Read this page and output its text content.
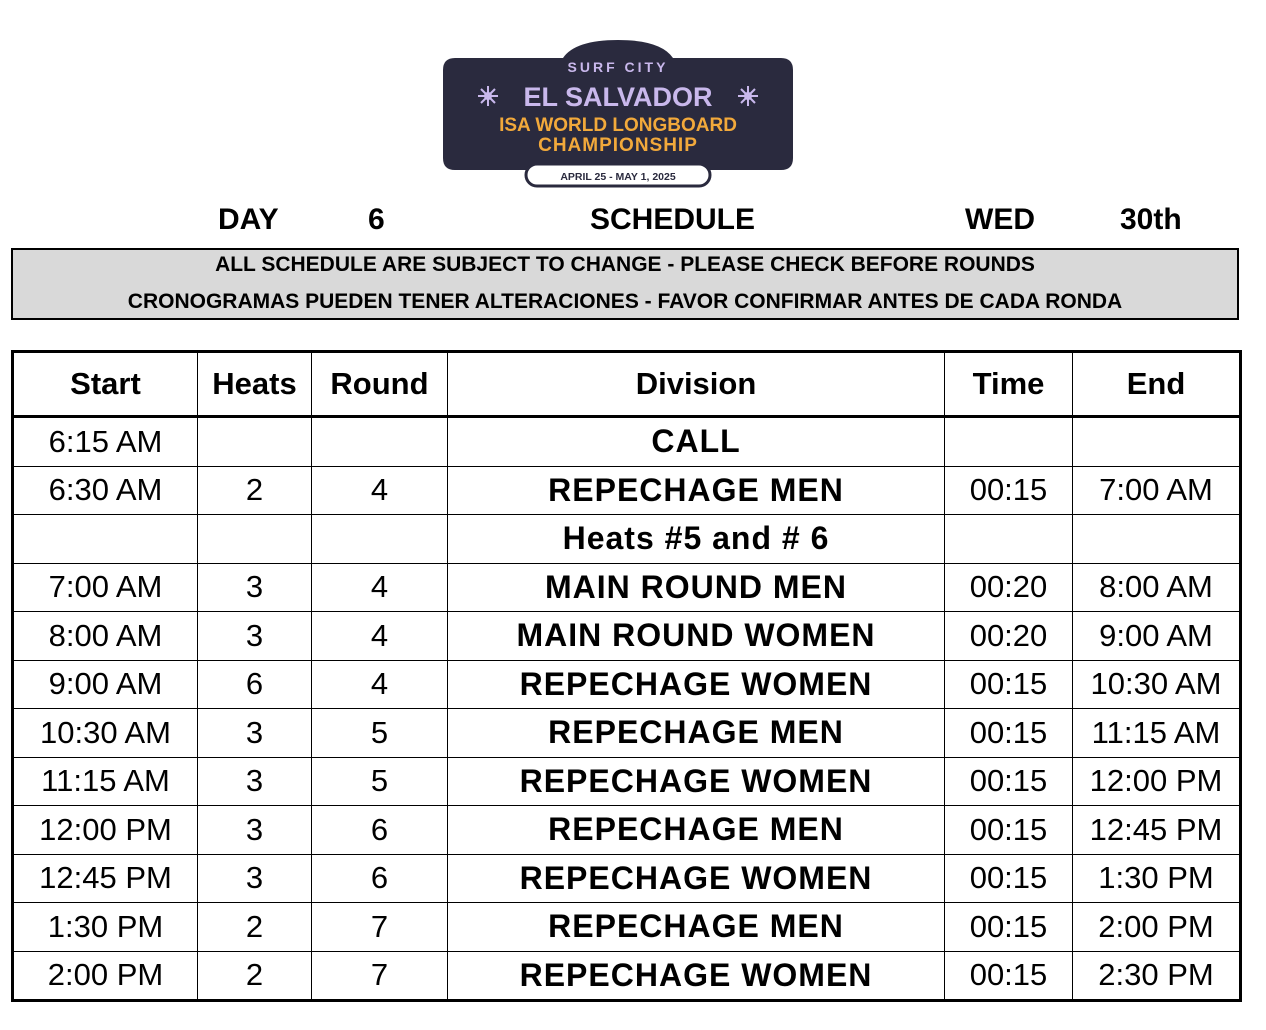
SURF CITY
EL SALVADOR
ISA WORLD LONGBOARD
CHAMPIONSHIP
APRIL 25 - MAY 1, 2025
DAY	6	SCHEDULE	WED	30th
ALL SCHEDULE ARE SUBJECT TO CHANGE - PLEASE CHECK BEFORE ROUNDS
CRONOGRAMAS PUEDEN TENER ALTERACIONES - FAVOR CONFIRMAR ANTES DE CADA RONDA
Start	Heats	Round	Division	Time	End
6:15 AM			CALL		
6:30 AM	2	4	REPECHAGE MEN	00:15	7:00 AM
			Heats #5 and # 6		
7:00 AM	3	4	MAIN ROUND MEN	00:20	8:00 AM
8:00 AM	3	4	MAIN ROUND WOMEN	00:20	9:00 AM
9:00 AM	6	4	REPECHAGE WOMEN	00:15	10:30 AM
10:30 AM	3	5	REPECHAGE MEN	00:15	11:15 AM
11:15 AM	3	5	REPECHAGE WOMEN	00:15	12:00 PM
12:00 PM	3	6	REPECHAGE MEN	00:15	12:45 PM
12:45 PM	3	6	REPECHAGE WOMEN	00:15	1:30 PM
1:30 PM	2	7	REPECHAGE MEN	00:15	2:00 PM
2:00 PM	2	7	REPECHAGE WOMEN	00:15	2:30 PM
